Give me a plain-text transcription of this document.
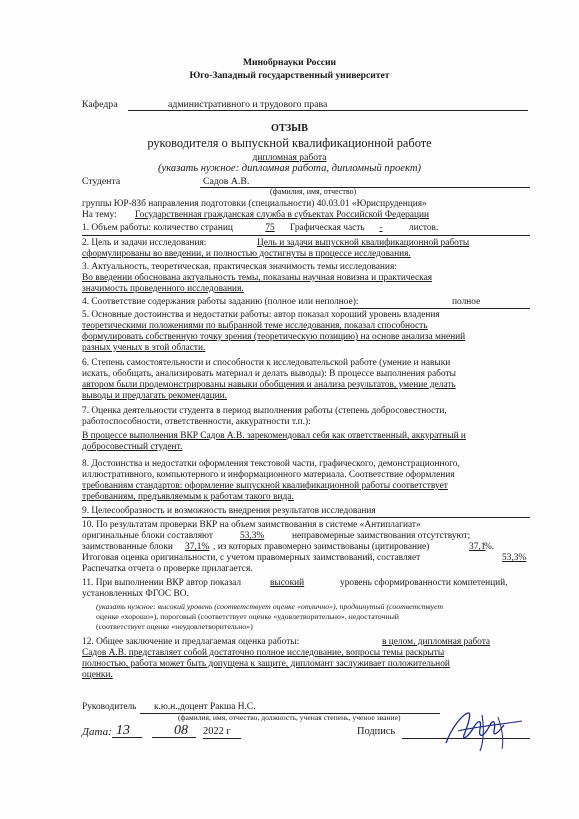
Минобрнауки России
Юго-Западный государственный университет
Кафедра	административного и трудового права
ОТЗЫВ
руководителя о выпускной квалификационной работе
дипломная работа
(указать нужное: дипломная работа, дипломный проект)
Студента	Садов А.В.
(фамилия, имя, отчество)
группы ЮР-83б направления подготовки (специальности) 40.03.01 «Юриспруденция»
На тему: Государственная гражданская служба в субъектах Российской Федерации
1. Объем работы: количество страниц	75	Графическая часть	-	листов.
2. Цель и задачи исследования:	Цель и задачи выпускной квалификационной работы
сформулированы во введении, и полностью достигнуты в процессе исследования.
3. Актуальность, теоретическая, практическая значимость темы исследования:
Во введении обоснована актуальность темы, показаны научная новизна и практическая
значимость проведенного исследования.
4. Соответствие содержания работы заданию (полное или неполное):	полное
5. Основные достоинства и недостатки работы: автор показал хороший уровень владения
теоретическими положениями по выбранной теме исследования, показал способность
формулировать собственную точку зрения (теоретическую позицию) на основе анализа мнений
разных ученых в этой области.
6. Степень самостоятельности и способности к исследовательской работе (умение и навыки
искать, обобщать, анализировать материал и делать выводы): В процессе выполнения работы
автором были продемонстрированы навыки обобщения и анализа результатов, умение делать
выводы и предлагать рекомендации.
7. Оценка деятельности студента в период выполнения работы (степень добросовестности,
работоспособности, ответственности, аккуратности т.п.):
В процессе выполнения ВКР Садов А.В. зарекомендовал себя как ответственный, аккуратный и
добросовестный студент.
8. Достоинства и недостатки оформления текстовой части, графического, демонстрационного,
иллюстративного, компьютерного и информационного материала. Соответствие оформления
требованиям стандартов: оформление выпускной квалификационной работы соответствует
требованиям, предъявляемым к работам такого вида.
9. Целесообразность и возможность внедрения результатов исследования
10. По результатам проверки ВКР на объем заимствования в системе «Антиплагиат»
оригинальные блоки составляют	53,3%	неправомерные заимствования отсутствуют;
заимствованные блоки 37,1% , из которых правомерно заимствованы (цитирование)	37,1
%.
Итоговая оценка оригинальности, с учетом правомерных заимствований, составляет	53,3%
Распечатка отчета о проверке прилагается.
11. При выполнении ВКР автор показал	высокий	уровень сформированности компетенций,
установленных ФГОС ВО.
(указать нужное: высокий уровень (соответствует оценке «отлично»), продвинутый (соответствует
оценке «хорошо»), пороговый (соответствует оценке «удовлетворительно», недостаточный
(соответствует оценке «неудовлетворительно»)
12. Общее заключение и предлагаемая оценка работы:	в целом, дипломная работа
Садов А.В. представляет собой достаточно полное исследование, вопросы темы раскрыты
полностью, работа может быть допущена к защите, дипломант заслуживает положительной
оценки.
Руководитель к.ю.н.,доцент Ракша Н.С.
(фамилия, имя, отчество, должность, ученая степень, ученое звание)
Дата: 13	08 2022 г	Подпись
